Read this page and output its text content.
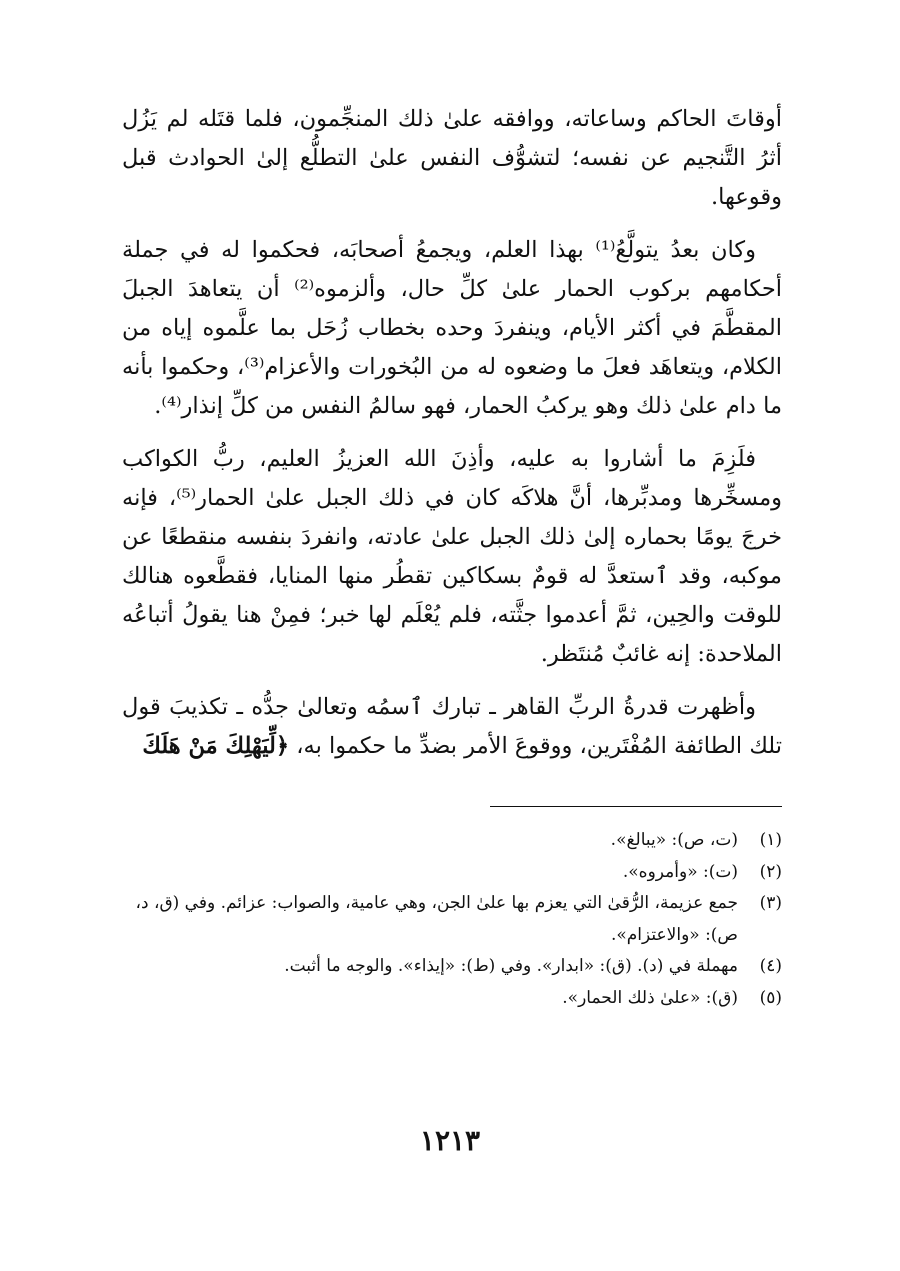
أوقاتَ الحاكم وساعاته، ووافقه علىٰ ذلك المنجِّمون، فلما قتَله لم يَزُل أثرُ التَّنجيم عن نفسه؛ لتشوُّف النفس علىٰ التطلُّع إلىٰ الحوادث قبل وقوعها.

وكان بعدُ يتولَّعُ⁽¹⁾ بهذا العلم، ويجمعُ أصحابَه، فحكموا له في جملة أحكامهم بركوب الحمار علىٰ كلِّ حال، وألزموه⁽²⁾ أن يتعاهدَ الجبلَ المقطَّمَ في أكثر الأيام، وينفردَ وحده بخطاب زُحَل بما علَّموه إياه من الكلام، ويتعاهَد فعلَ ما وضعوه له من البُخورات والأعزام⁽³⁾، وحكموا بأنه ما دام علىٰ ذلك وهو يركبُ الحمار، فهو سالمُ النفس من كلِّ إنذار⁽⁴⁾.

فلَزِمَ ما أشاروا به عليه، وأذِنَ الله العزيزُ العليم، ربُّ الكواكب ومسخِّرها ومدبِّرها، أنَّ هلاكَه كان في ذلك الجبل علىٰ الحمار⁽⁵⁾، فإنه خرجَ يومًا بحماره إلىٰ ذلك الجبل علىٰ عادته، وانفردَ بنفسه منقطعًا عن موكبه، وقد ٱستعدَّ له قومٌ بسكاكين تقطُر منها المنايا، فقطَّعوه هنالك للوقت والحِين، ثمَّ أعدموا جثَّته، فلم يُعْلَم لها خبر؛ فمِنْ هنا يقولُ أتباعُه الملاحدة: إنه غائبٌ مُنتَظر.

وأظهرت قدرةُ الربِّ القاهر ـ تبارك ٱسمُه وتعالىٰ جدُّه ـ تكذيبَ قول تلك الطائفة المُفْتَرين، ووقوعَ الأمر بضدِّ ما حكموا به، ﴿لِّيَهْلِكَ مَنْ هَلَكَ

(١)
(ت، ص): «يبالغ».
(٢)
(ت): «وأمروه».
(٣)
جمع عزيمة، الرُّقىٰ التي يعزم بها علىٰ الجن، وهي عامية، والصواب: عزائم. وفي (ق، د، ص): «والاعتزام».
(٤)
مهملة في (د). (ق): «ابدار». وفي (ط): «إيذاء». والوجه ما أثبت.
(٥)
(ق): «علىٰ ذلك الحمار».
١٢١٣
